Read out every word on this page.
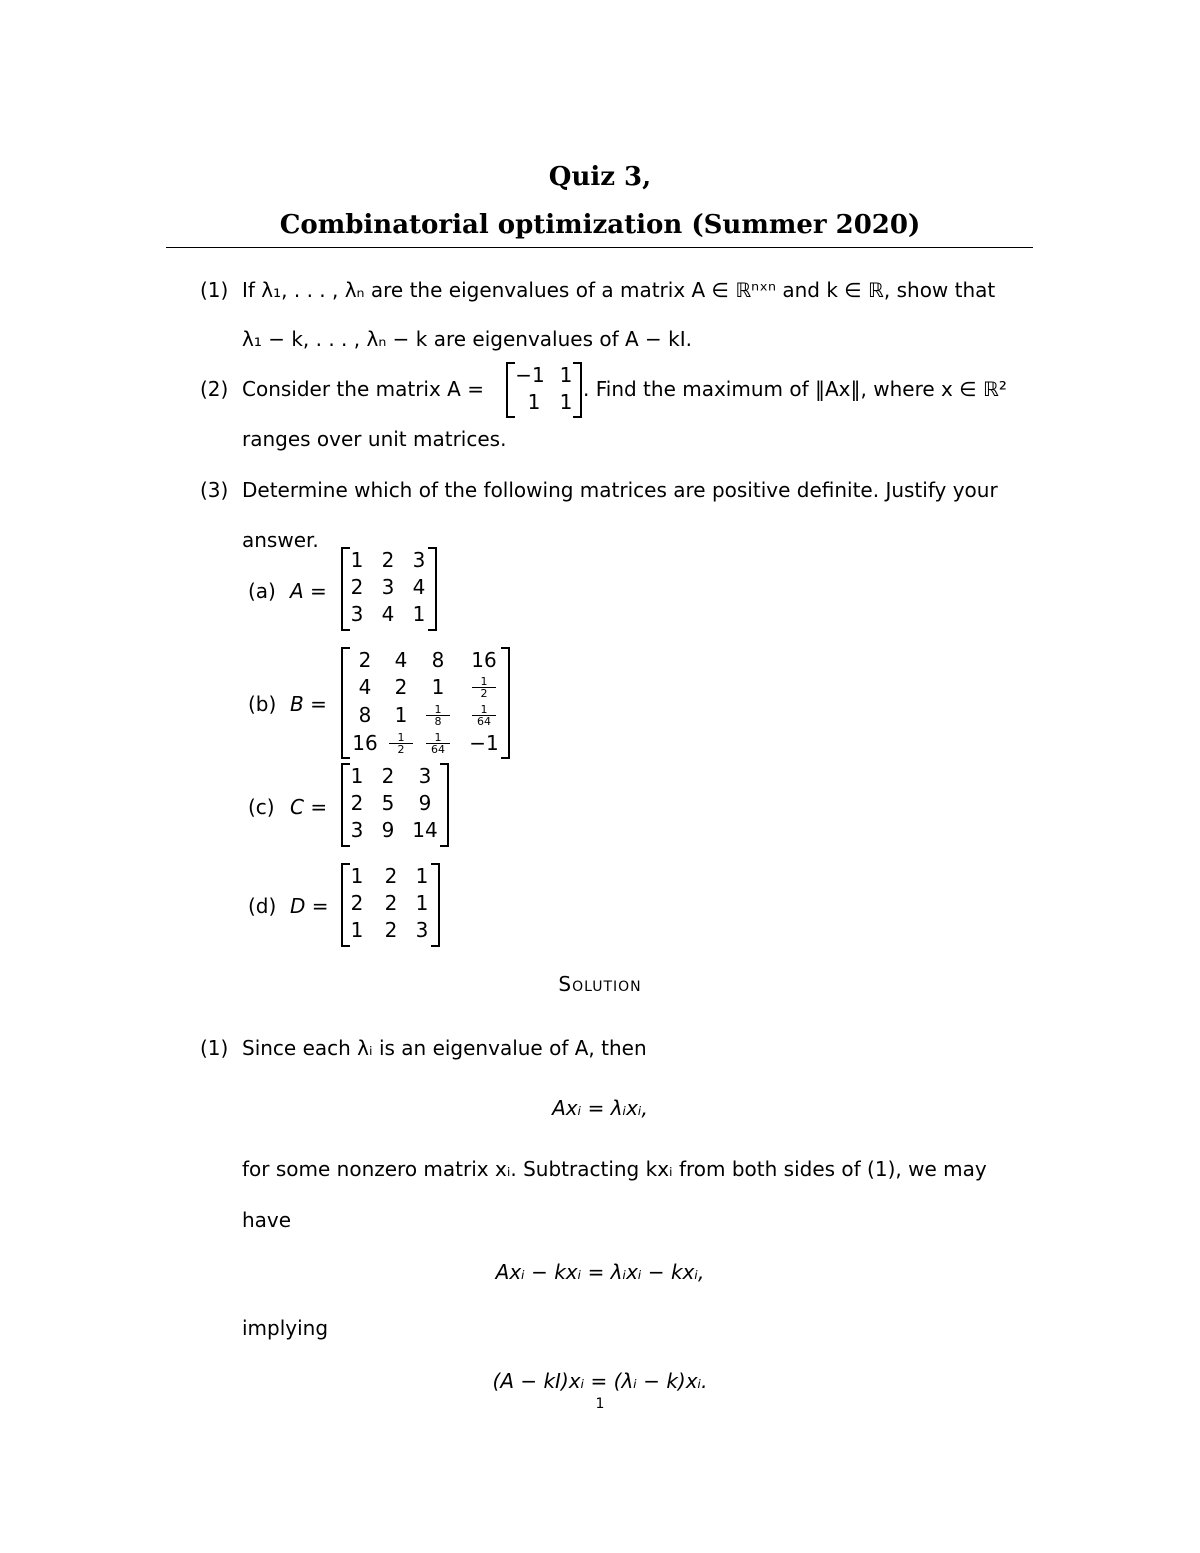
Quiz 3,
Combinatorial optimization (Summer 2020)
(1) If λ₁, . . . , λₙ are the eigenvalues of a matrix A ∈ ℝⁿˣⁿ and k ∈ ℝ, show that
λ₁ − k, . . . , λₙ − k are eigenvalues of A − kI.
(2) Consider the matrix A =
−1 1
1 1
. Find the maximum of ‖Ax‖, where x ∈ ℝ²
ranges over unit matrices.
(3) Determine which of the following matrices are positive definite. Justify your
answer.
(a) A =
1 2 3
2 3 4
3 4 1
(b) B =
2	4	8	16
4	2	1	$\frac{1}{2}$
8	1	$\frac{1}{8} \frac{1}{64}$
16	$\frac{1}{2} \frac{1}{64} -1$
(c) C =
1 2	3
2 5	9
3 9 14
(d) D =
1	2 1
2	2 1
1	2 3
Solution
(1) Since each λᵢ is an eigenvalue of A, then
Axᵢ = λᵢxᵢ,
for some nonzero matrix xᵢ. Subtracting kxᵢ from both sides of (1), we may
have
Axᵢ − kxᵢ = λᵢxᵢ − kxᵢ,
implying
(A − kI)xᵢ = (λᵢ − k)xᵢ.
1
